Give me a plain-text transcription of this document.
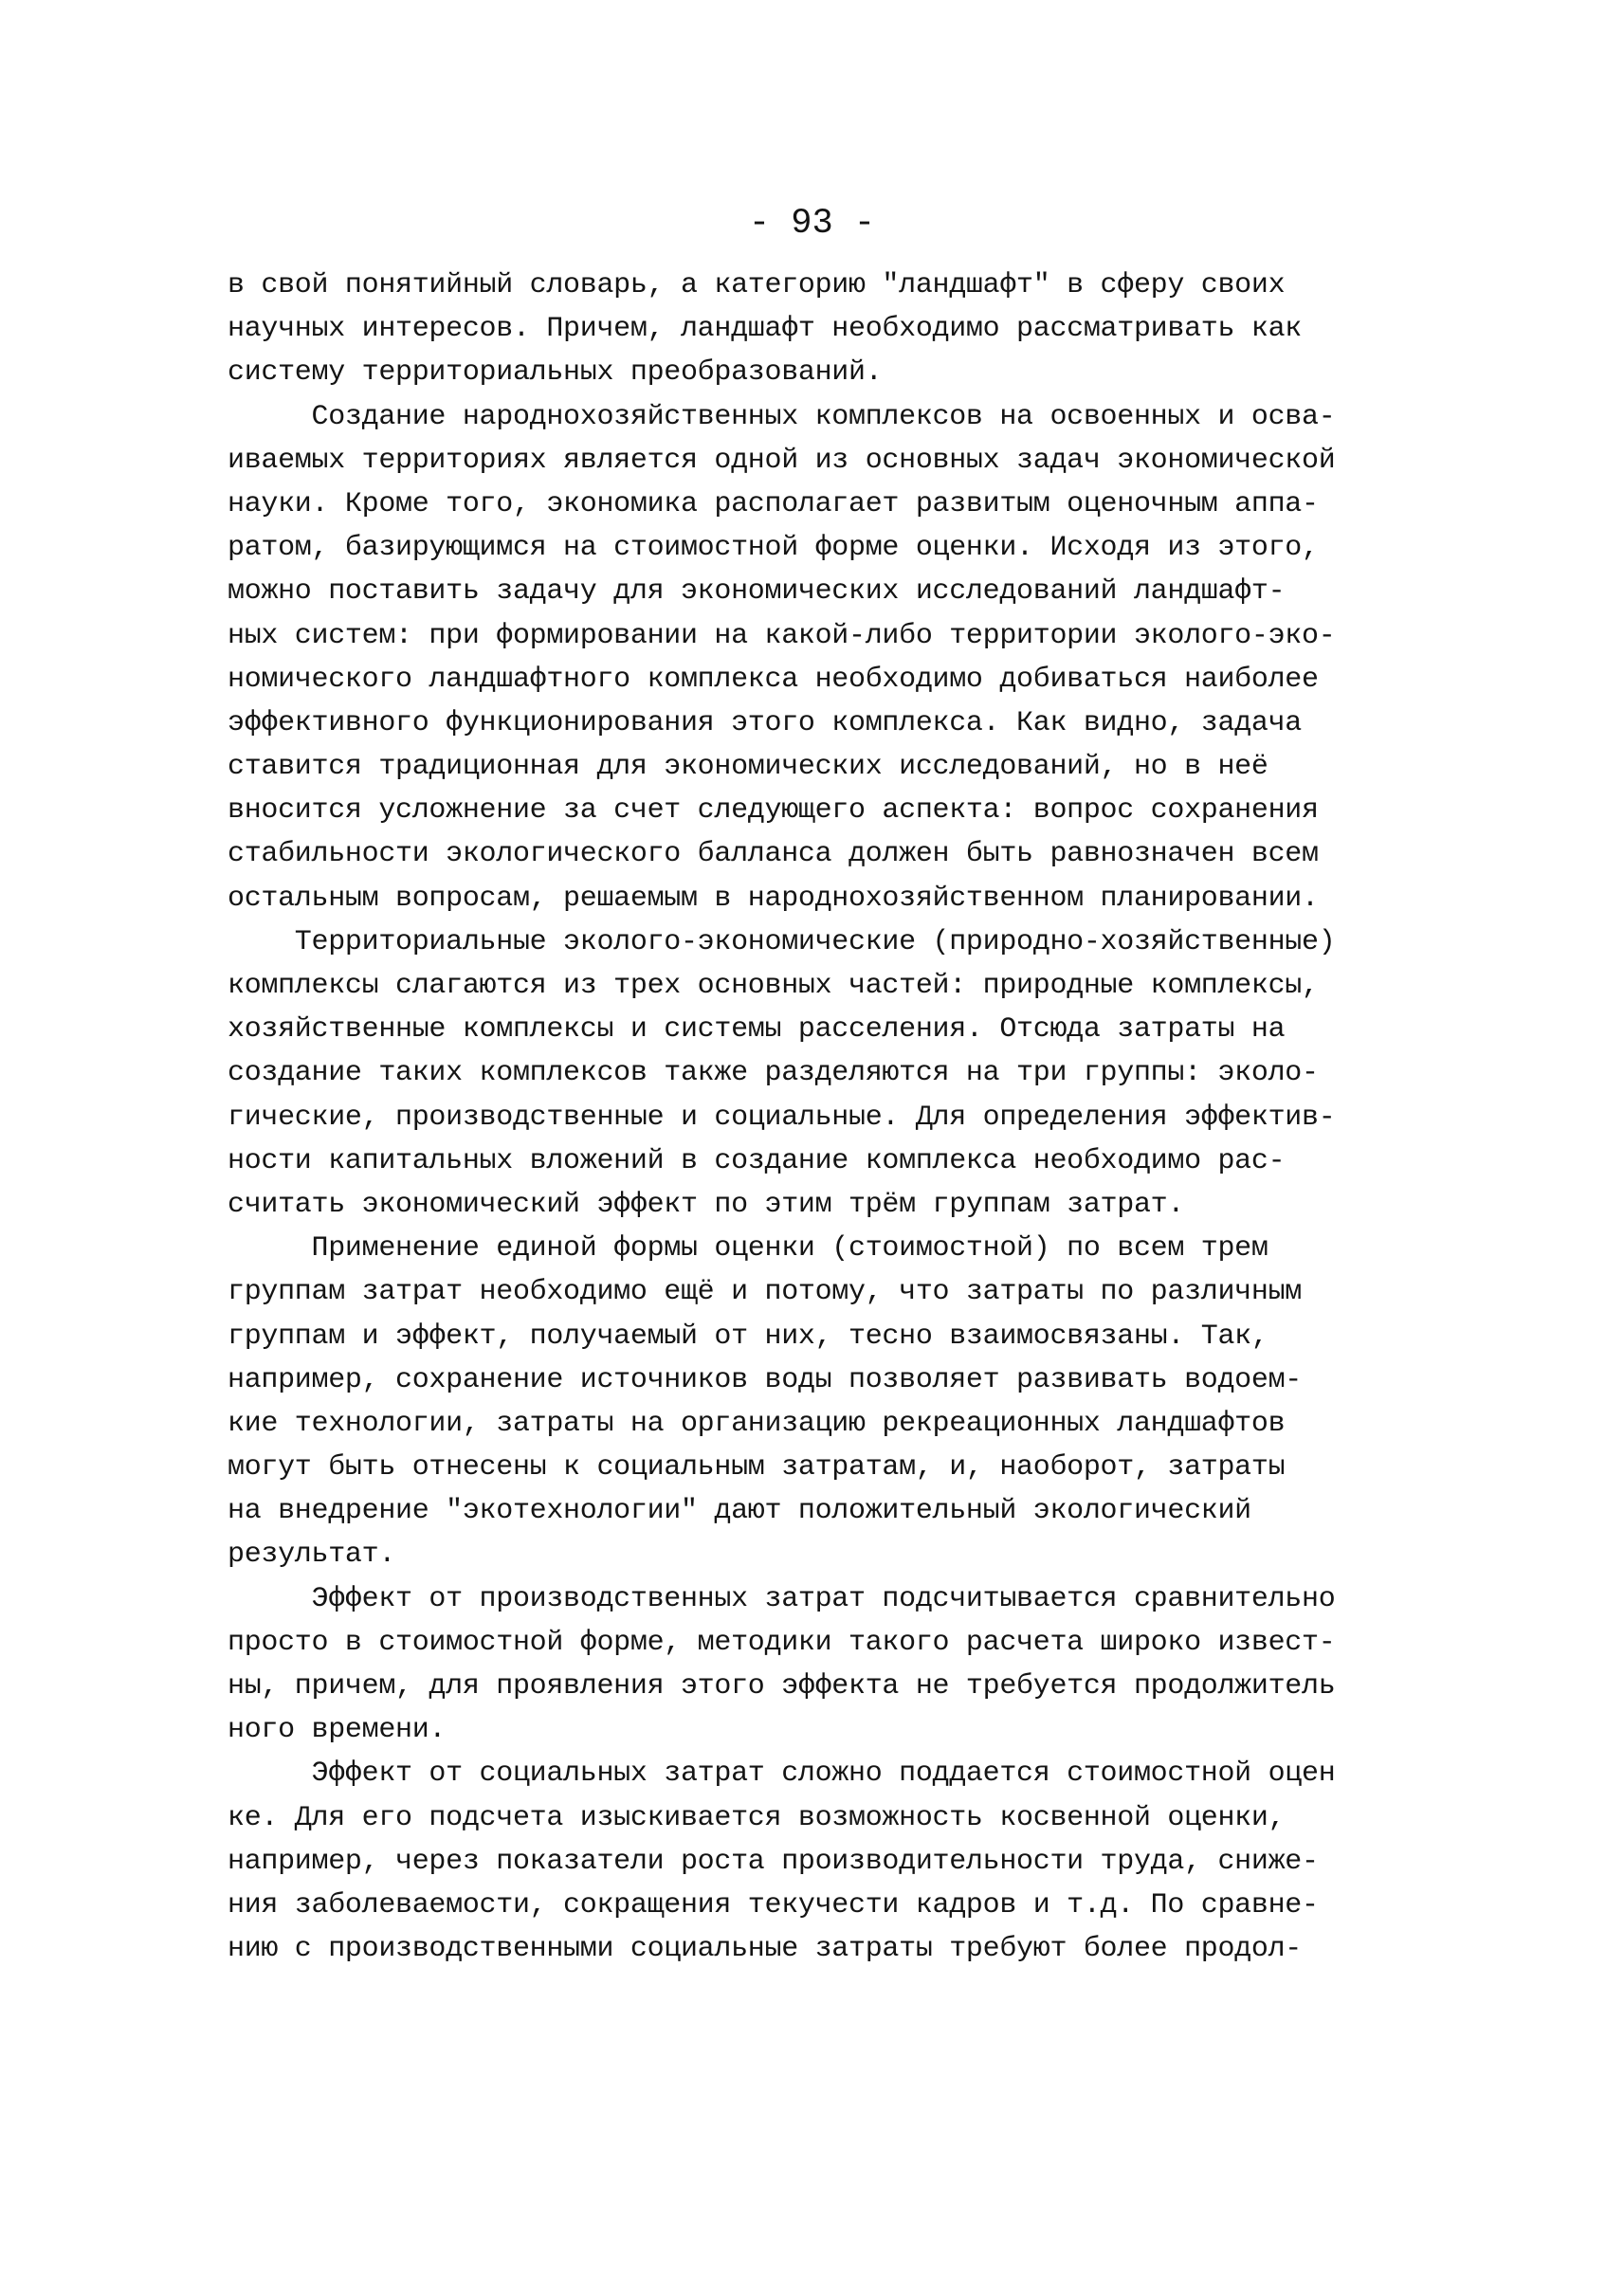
- 93 -
в свой понятийный словарь, а категорию "ландшафт" в сферу своих
научных интересов. Причем, ландшафт необходимо рассматривать как
систему территориальных преобразований.
Создание народнохозяйственных комплексов на освоенных и осва-
иваемых территориях является одной из основных задач экономической
науки. Кроме того, экономика располагает развитым оценочным аппа-
ратом, базирующимся на стоимостной форме оценки. Исходя из этого,
можно поставить задачу для экономических исследований ландшафт-
ных систем: при формировании на какой-либо территории эколого-эко-
номического ландшафтного комплекса необходимо добиваться наиболее
эффективного функционирования этого комплекса. Как видно, задача
ставится традиционная для экономических исследований, но в неё
вносится усложнение за счет следующего аспекта: вопрос сохранения
стабильности экологического балланса должен быть равнозначен всем
остальным вопросам, решаемым в народнохозяйственном планировании.
Территориальные эколого-экономические (природно-хозяйственные)
комплексы слагаются из трех основных частей: природные комплексы,
хозяйственные комплексы и системы расселения. Отсюда затраты на
создание таких комплексов также разделяются на три группы: эколо-
гические, производственные и социальные. Для определения эффектив-
ности капитальных вложений в создание комплекса необходимо рас-
считать экономический эффект по этим трём группам затрат.
Применение единой формы оценки (стоимостной) по всем трем
группам затрат необходимо ещё и потому, что затраты по различным
группам и эффект, получаемый от них, тесно взаимосвязаны. Так,
например, сохранение источников воды позволяет развивать водоем-
кие технологии, затраты на организацию рекреационных ландшафтов
могут быть отнесены к социальным затратам, и, наоборот, затраты
на внедрение "экотехнологии" дают положительный экологический
результат.
Эффект от производственных затрат подсчитывается сравнительно
просто в стоимостной форме, методики такого расчета широко извест-
ны, причем, для проявления этого эффекта не требуется продолжитель
ного времени.
Эффект от социальных затрат сложно поддается стоимостной оцен
ке. Для его подсчета изыскивается возможность косвенной оценки,
например, через показатели роста производительности труда, сниже-
ния заболеваемости, сокращения текучести кадров и т.д. По сравне-
нию с производственными социальные затраты требуют более продол-
